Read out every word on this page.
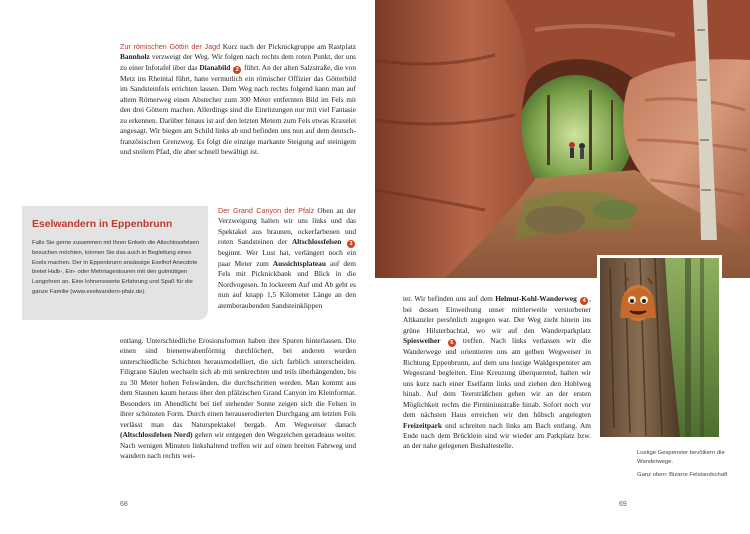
Zur römischen Göttin der Jagd Kurz nach der Picknickgruppe am Rastplatz Bannholz verzweigt der Weg. Wir folgen nach rechts dem roten Punkt, der uns zu einer Infotafel über das Dianabild 2 führt. An der alten Salzstraße, die von Metz ins Rheintal führt, hatte vermutlich ein römischer Offizier das Götterbild im Sandsteinfels errichten lassen. Dem Weg nach rechts folgend kann man auf altem Römerweg einen Abstecher zum 300 Meter entfernten Bild im Fels mit den drei Göttern machen. Allerdings sind die Einritzungen nur mit viel Fantasie zu erkennen. Darüber hinaus ist auf den letzten Metern zum Fels etwas Kraxelei angesagt. Wir biegen am Schild links ab und befinden uns nun auf dem deutsch-französischen Grenzweg. Es folgt die einzige markante Steigung auf steinigem und steilem Pfad, die aber schnell bewältigt ist.

Eselwandern in Eppenbrunn

Falls Sie gerne zusammen mit Ihren Enkeln die Altschlossfelsen besuchen möchten, können Sie das auch in Begleitung eines Esels machen. Der in Eppenbrunn ansässige Eselhof Anecdote bietet Halb-, Ein- oder Mehrtagestouren mit den gutmütigen Langohren an. Eine lohnenswerte Erfahrung und Spaß für die ganze Familie (www.eselwandern-pfalz.de).

Der Grand Canyon der Pfalz Oben an der Verzweigung halten wir uns links und das Spektakel aus braunen, ockerfarbenen und roten Sandsteinen der Altschlossfelsen 3 beginnt. Wer Lust hat, verlängert noch ein paar Meter zum Aussichtsplateau auf dem Fels mit Picknickbank und Blick in die Nordvogesen. In lockerem Auf und Ab geht es nun auf knapp 1,5 Kilometer Länge an den atemberaubenden Sandsteinklippen

entlang. Unterschiedliche Erosionsformen haben ihre Spuren hinterlassen. Die einen sind bienenwabenförmig durchlöchert, bei anderen wurden unterschiedliche Schichten herausmodelliert, die sich farblich unterscheiden. Filigrane Säulen wechseln sich ab mit senkrechten und teils überhängenden, bis zu 30 Meter hohen Felswänden, die durchschritten werden. Man kommt aus dem Staunen kaum heraus über den pfälzischen Grand Canyon im Kleinformat. Besonders im Abendlicht bei tief stehender Sonne zeigen sich die Felsen in ihrer schönsten Form. Durch einen herauserodierten Durchgang am letzten Fels verlässt man das Naturspektakel bergab. Am Wegweiser danach (Altschlossfelsen Nord) gehen wir entgegen den Wegzeichen geradeaus weiter. Nach wenigen Minuten linkshaltend treffen wir auf einen breiten Fahrweg und wandern nach rechts wei-

68

ter. Wir befinden uns auf dem Helmut-Kohl-Wanderweg 4 , bei dessen Einweihung unser mittlerweile verstorbener Altkanzler persönlich zugegen war. Der Weg zieht hinein ins grüne Hilsterbachtal, wo wir auf den Wanderparkplatz Spiesweiher 5 treffen. Nach links verlassen wir die Wanderwege und orientieren uns am gelben Wegweiser in Richtung Eppenbrunn, auf dem uns lustige Waldgespenster am Wegesrand begleiten. Eine Kreuzung überquerend, halten wir uns kurz nach einer Eselfarm links und ziehen den Hohlweg hinab. Auf dem Teersträßchen gehen wir an der ersten Möglichkeit rechts die Pirminiusstraße hinab. Sofort noch vor dem nächsten Haus erreichen wir den hübsch angelegten Freizeitpark und schreiten nach links am Bach entlang. Am Ende nach dem Brücklein sind wir wieder am Parkplatz bzw. an der nahe gelegenen Bushaltestelle.

Lustige Gespenster bevölkern die Wanderwege.

Ganz oben: Bizarre Felslandschaft

69
